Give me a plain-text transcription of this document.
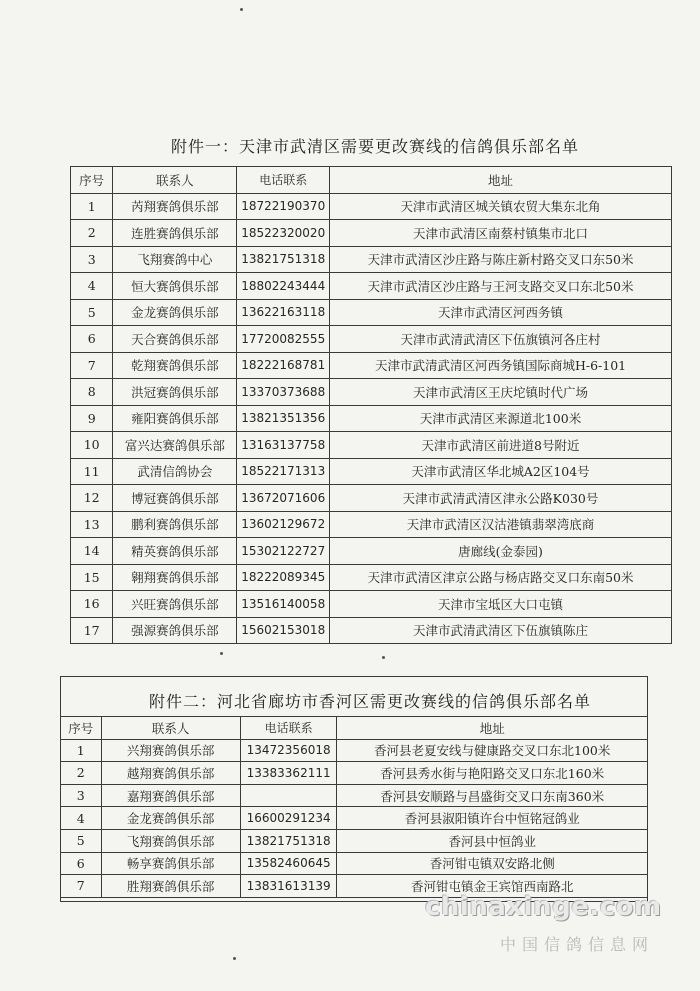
附件一：天津市武清区需要更改赛线的信鸽俱乐部名单
序号	联系人	电话联系	地址
1	芮翔赛鸽俱乐部	18722190370	天津市武清区城关镇农贸大集东北角
2	连胜赛鸽俱乐部	18522320020	天津市武清区南蔡村镇集市北口
3	飞翔赛鸽中心	13821751318	天津市武清区沙庄路与陈庄新村路交叉口东50米
4	恒大赛鸽俱乐部	18802243444	天津市武清区沙庄路与王河支路交叉口东北50米
5	金龙赛鸽俱乐部	13622163118	天津市武清区河西务镇
6	天合赛鸽俱乐部	17720082555	天津市武清武清区下伍旗镇河各庄村
7	乾翔赛鸽俱乐部	18222168781	天津市武清武清区河西务镇国际商城H-6-101
8	洪冠赛鸽俱乐部	13370373688	天津市武清区王庆坨镇时代广场
9	雍阳赛鸽俱乐部	13821351356	天津市武清区来源道北100米
10	富兴达赛鸽俱乐部	13163137758	天津市武清区前进道8号附近
11	武清信鸽协会	18522171313	天津市武清区华北城A2区104号
12	博冠赛鸽俱乐部	13672071606	天津市武清武清区津永公路K030号
13	鹏利赛鸽俱乐部	13602129672	天津市武清区汉沽港镇翡翠湾底商
14	精英赛鸽俱乐部	15302122727	唐廊线(金泰园)
15	翱翔赛鸽俱乐部	18222089345	天津市武清区津京公路与杨店路交叉口东南50米
16	兴旺赛鸽俱乐部	13516140058	天津市宝坻区大口屯镇
17	强源赛鸽俱乐部	15602153018	天津市武清武清区下伍旗镇陈庄
附件二：河北省廊坊市香河区需更改赛线的信鸽俱乐部名单
序号	联系人	电话联系	地址
1	兴翔赛鸽俱乐部	13472356018	香河县老夏安线与健康路交叉口东北100米
2	越翔赛鸽俱乐部	13383362111	香河县秀水街与艳阳路交叉口东北160米
3	嘉翔赛鸽俱乐部		香河县安顺路与昌盛街交叉口东南360米
4	金龙赛鸽俱乐部	16600291234	香河县淑阳镇许台中恒铭冠鸽业
5	飞翔赛鸽俱乐部	13821751318	香河县中恒鸽业
6	畅享赛鸽俱乐部	13582460645	香河钳屯镇双安路北侧
7	胜翔赛鸽俱乐部	13831613139	香河钳屯镇金王宾馆西南路北
chinaxinge.com
中国信鸽信息网
